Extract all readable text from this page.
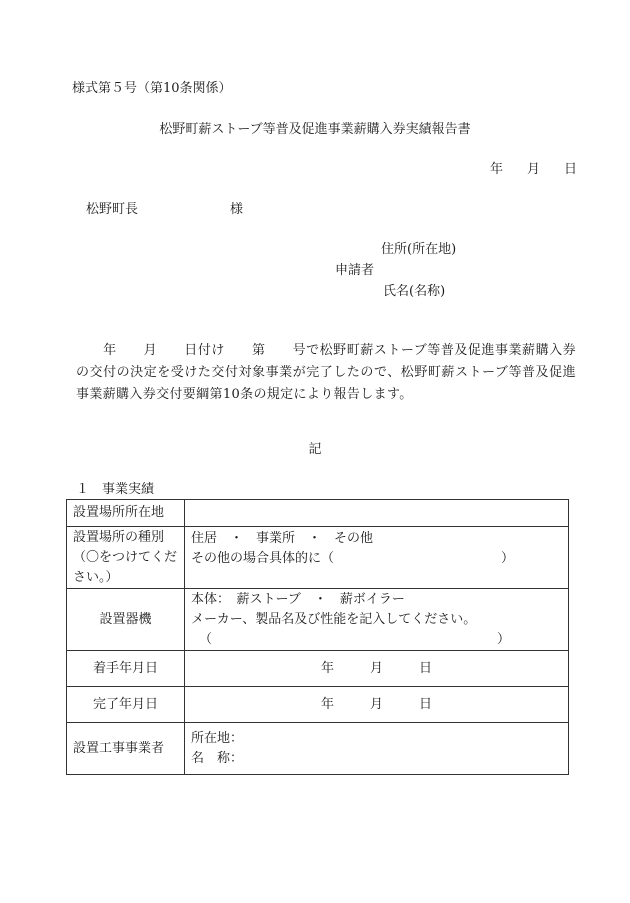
様式第５号（第10条関係）
松野町薪ストーブ等普及促進事業薪購入券実績報告書
年 月 日
松野町長	様
住所(所在地)
申請者
氏名(名称)
　　年　　月　　日付け　　第　　号で松野町薪ストーブ等普及促進事業薪購入券の交付の決定を受けた交付対象事業が完了したので、松野町薪ストーブ等普及促進事業薪購入券交付要綱第10条の規定により報告します。
記
１　事業実績
設置場所所在地	
設置場所の種別（〇をつけてください。）	住居　・　事業所　・　その他
その他の場合具体的に（ ）

設置器機	本体：　薪ストーブ　・　薪ボイラー
メーカー、製品名及び性能を記入してください。
（ ）

着手年月日	年 月 日
完了年月日	年 月 日
設置工事事業者	所在地：
名　称：
